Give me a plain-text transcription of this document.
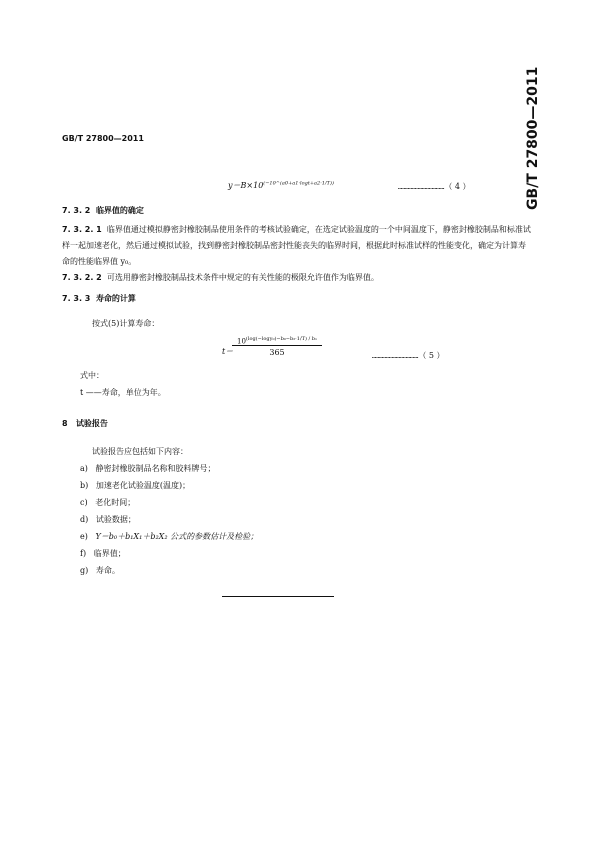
GB/T 27800—2011	GB/T 27800—2011
$y=B\times 10^{(-10\^{}(a0+a1\cdot logt+a2\cdot 1/T))}$	……………………………（ 4 ）
7. 3. 2 临界值的确定
7. 3. 2. 1 临界值通过模拟静密封橡胶制品使用条件的考核试验确定，在选定试验温度的一个中间温度下，静密封橡胶制品和标准试样一起加速老化，然后通过模拟试验，找到静密封橡胶制品密封性能丧失的临界时间，根据此时标准试样的性能变化，确定为计算寿命的性能临界值 y₀。
7. 3. 2. 2 可选用静密封橡胶制品技术条件中规定的有关性能的极限允许值作为临界值。
7. 3. 3 寿命的计算
按式(5)计算寿命：
t＝
$\frac{10^{(log(-logy_0)-b_0-b_2\cdot 1/T) / b_1}}{365}$	……………………………（ 5 ）
式中：
t ——寿命，单位为年。
8 试验报告
试验报告应包括如下内容：
a) 静密封橡胶制品名称和胶料牌号；
b) 加速老化试验温度(温度)；
c) 老化时间；
d) 试验数据；
e) Y＝b₀＋b₁X₁＋b₂X₂ 公式的参数估计及检验；
f) 临界值；
g) 寿命。
